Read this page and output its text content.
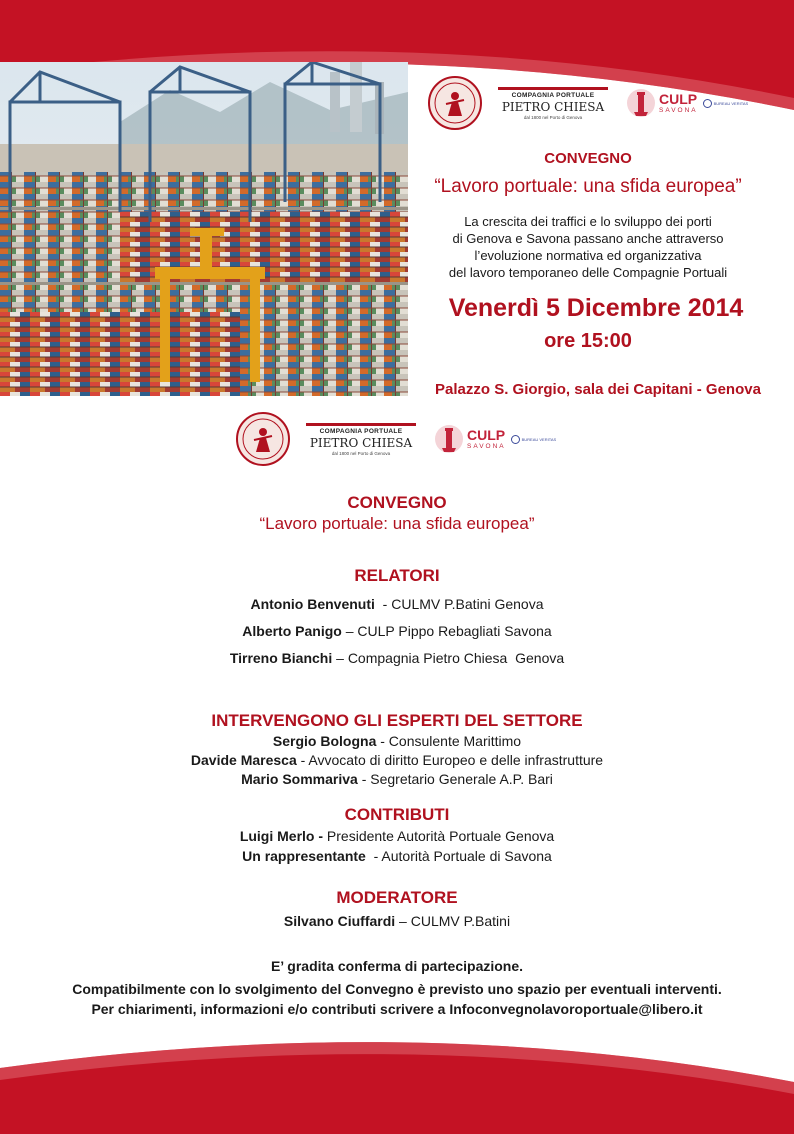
COMPAGNIA PORTUALE
PIETRO CHIESA
dal 1800 nel Porto di Genova
CULP
SAVONA
BUREAU VERITAS
CONVEGNO
“Lavoro portuale: una sfida europea”
La crescita dei traffici e lo sviluppo dei porti
di Genova e Savona passano anche attraverso
l’evoluzione normativa ed organizzativa
del lavoro temporaneo delle Compagnie Portuali
Venerdì 5 Dicembre 2014
ore 15:00
Palazzo S. Giorgio, sala dei Capitani - Genova
COMPAGNIA PORTUALE
PIETRO CHIESA
dal 1800 nel Porto di Genova
CULP
SAVONA
BUREAU VERITAS
CONVEGNO
“Lavoro portuale: una sfida europea”
RELATORI
Antonio Benvenuti  - CULMV P.Batini Genova
Alberto Panigo – CULP Pippo Rebagliati Savona
Tirreno Bianchi – Compagnia Pietro Chiesa  Genova
INTERVENGONO GLI ESPERTI DEL SETTORE
Sergio Bologna - Consulente Marittimo
Davide Maresca - Avvocato di diritto Europeo e delle infrastrutture
Mario Sommariva - Segretario Generale A.P. Bari
CONTRIBUTI
Luigi Merlo - Presidente Autorità Portuale Genova
Un rappresentante  - Autorità Portuale di Savona
MODERATORE
Silvano Ciuffardi – CULMV P.Batini
E’ gradita conferma di partecipazione.
Compatibilmente con lo svolgimento del Convegno è previsto uno spazio per eventuali interventi.
Per chiarimenti, informazioni e/o contributi scrivere a Infoconvegnolavoroportuale@libero.it
